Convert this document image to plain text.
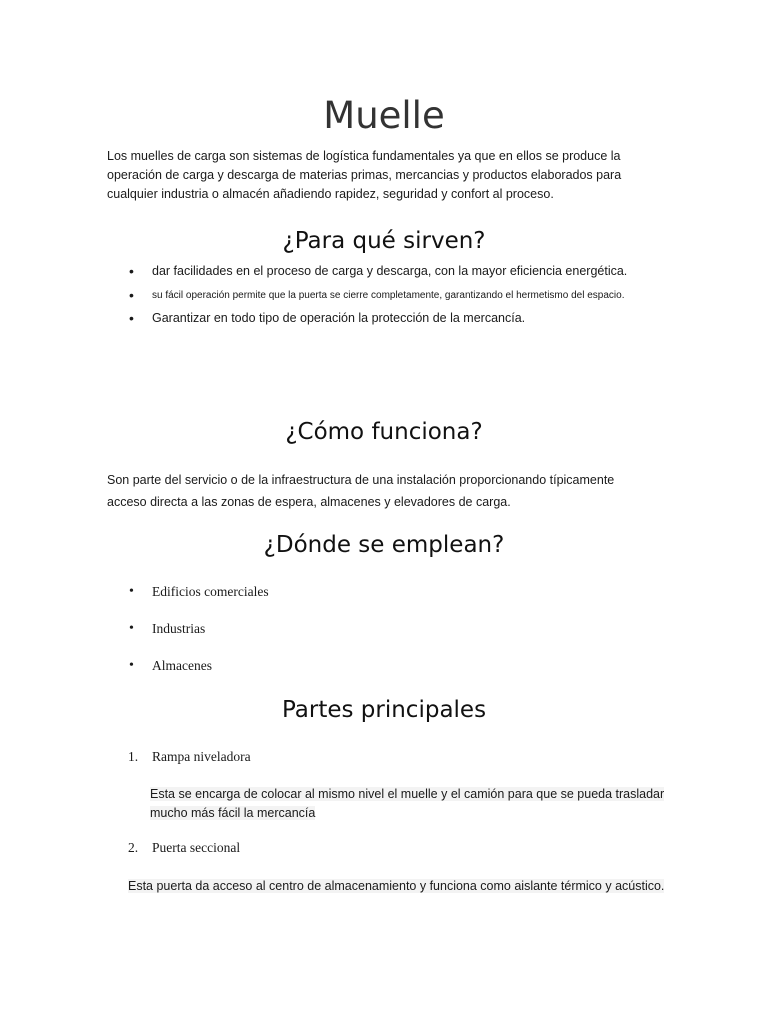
Muelle

Los muelles de carga son sistemas de logística fundamentales ya que en ellos se produce la operación de carga y descarga de materias primas, mercancias y productos elaborados para cualquier industria o almacén añadiendo rapidez, seguridad y confort al proceso.

¿Para qué sirven?
• dar facilidades en el proceso de carga y descarga, con la mayor eficiencia energética.
• su fácil operación permite que la puerta se cierre completamente, garantizando el hermetismo del espacio.
• Garantizar en todo tipo de operación la protección de la mercancía.
¿Cómo funciona?

Son parte del servicio o de la infraestructura de una instalación proporcionando típicamente acceso directa a las zonas de espera, almacenes y elevadores de carga.

¿Dónde se emplean?
• Edificios comerciales
• Industrias
• Almacenes
Partes principales
1. Rampa niveladora

Esta se encarga de colocar al mismo nivel el muelle y el camión para que se pueda trasladar mucho más fácil la mercancía

2. Puerta seccional

Esta puerta da acceso al centro de almacenamiento y funciona como aislante térmico y acústico.
